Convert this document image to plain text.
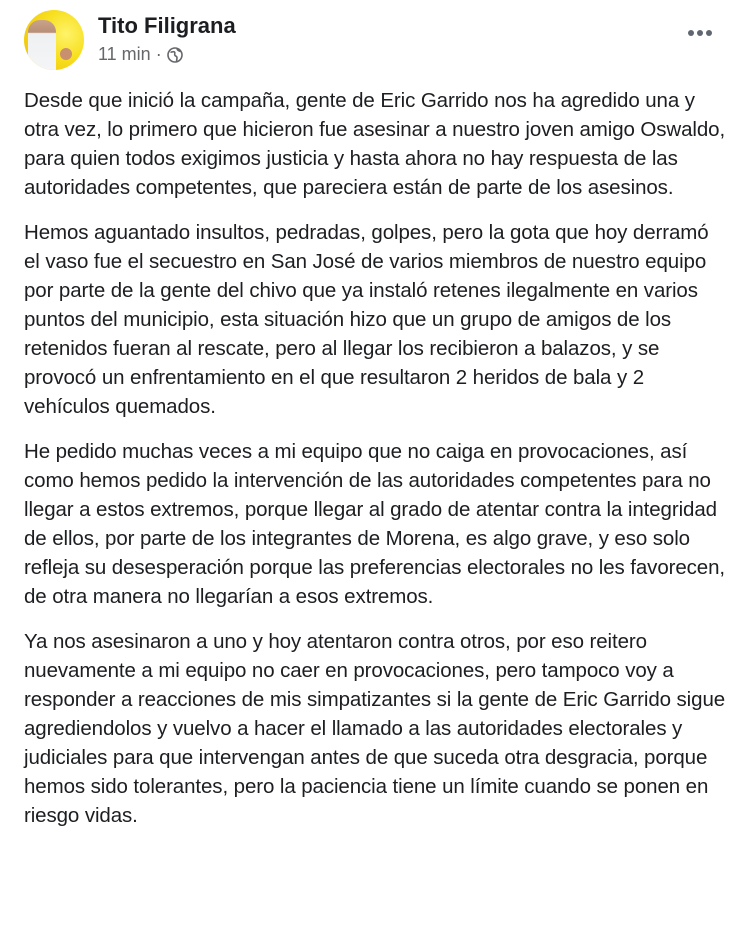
Tito Filigrana
11 min ·

Desde que inició la campaña, gente de Eric Garrido nos ha agredido una y otra vez, lo primero que hicieron fue asesinar a nuestro joven amigo Oswaldo, para quien todos exigimos justicia y hasta ahora no hay respuesta de las autoridades competentes, que pareciera están de parte de los asesinos.

Hemos aguantado insultos, pedradas, golpes, pero la gota que hoy derramó el vaso fue el secuestro en San José de varios miembros de nuestro equipo por parte de la gente del chivo que ya instaló retenes ilegalmente en varios puntos del municipio, esta situación hizo que un grupo de amigos de los retenidos fueran al rescate, pero al llegar los recibieron a balazos, y se provocó un enfrentamiento en el que resultaron 2 heridos de bala y 2 vehículos quemados.

He pedido muchas veces a mi equipo que no caiga en provocaciones, así como hemos pedido la intervención de las autoridades competentes para no llegar a estos extremos, porque llegar al grado de atentar contra la integridad de ellos, por parte de los integrantes de Morena, es algo grave, y eso solo refleja su desesperación porque las preferencias electorales no les favorecen, de otra manera no llegarían a esos extremos.

Ya nos asesinaron a uno y hoy atentaron contra otros, por eso reitero nuevamente a mi equipo no caer en provocaciones, pero tampoco voy a responder a reacciones de mis simpatizantes si la gente de Eric Garrido sigue agrediendolos y vuelvo a hacer el llamado a las autoridades electorales y judiciales para que intervengan antes de que suceda otra desgracia, porque hemos sido tolerantes, pero la paciencia tiene un límite cuando se ponen en riesgo vidas.
